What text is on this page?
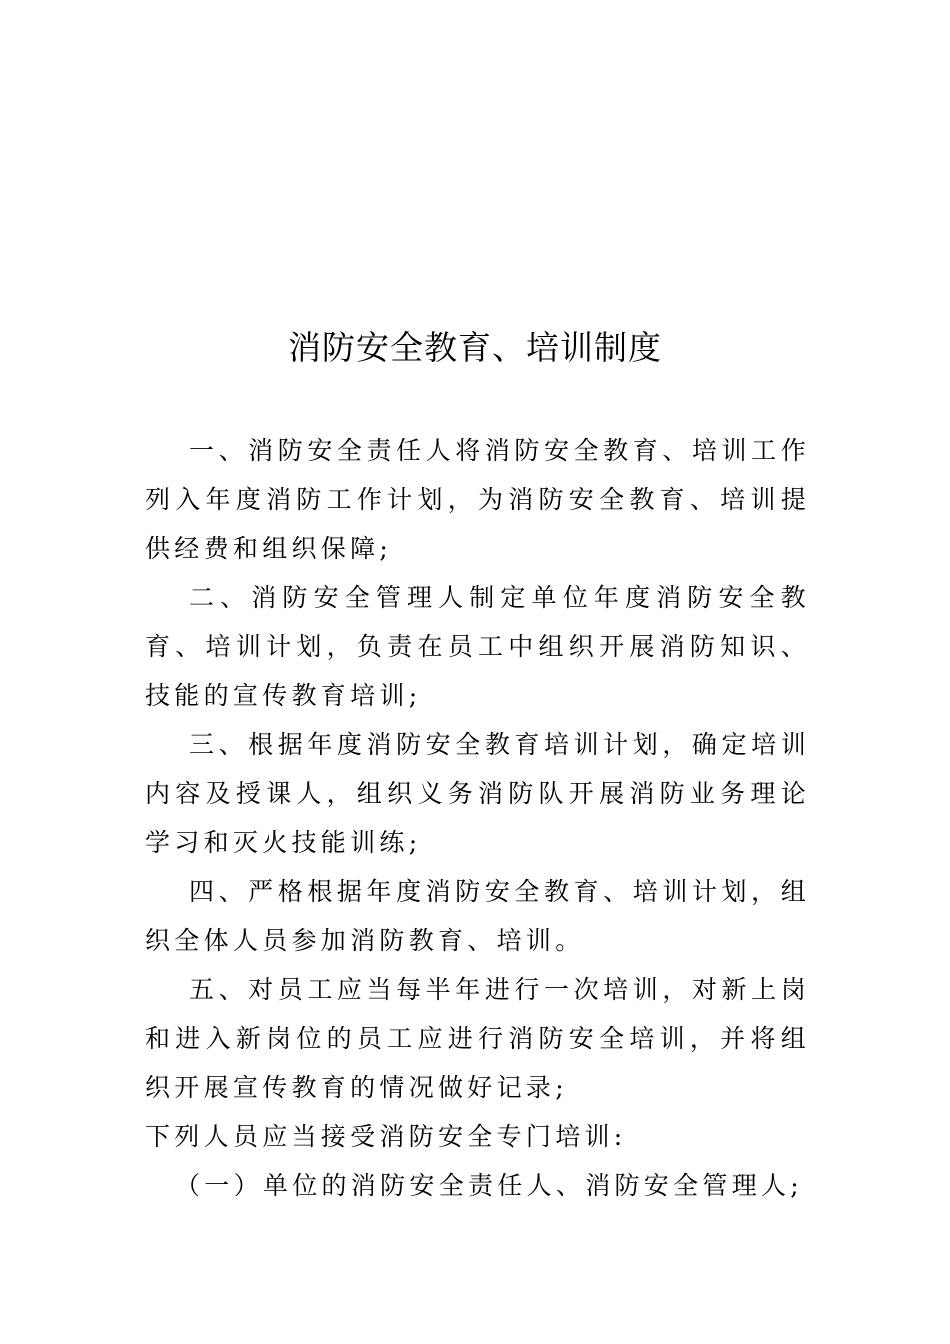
消防安全教育、培训制度

一、消防安全责任人将消防安全教育、培训工作列入年度消防工作计划，为消防安全教育、培训提供经费和组织保障;

二、消防安全管理人制定单位年度消防安全教育、培训计划，负责在员工中组织开展消防知识、技能的宣传教育培训;

三、根据年度消防安全教育培训计划，确定培训内容及授课人，组织义务消防队开展消防业务理论学习和灭火技能训练;

四、严格根据年度消防安全教育、培训计划，组织全体人员参加消防教育、培训。

五、对员工应当每半年进行一次培训，对新上岗和进入新岗位的员工应进行消防安全培训，并将组织开展宣传教育的情况做好记录;

下列人员应当接受消防安全专门培训:

（一）单位的消防安全责任人、消防安全管理人;
